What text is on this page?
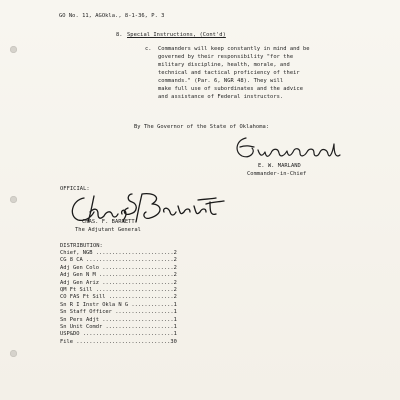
GO No. 11, AGOkla., 8-1-36, P. 3
8. Special Instructions, (Cont'd)
c. Commanders will keep constantly in mind and be
governed by their responsibility "for the
military discipline, health, morale, and
technical and tactical proficiency of their
commands." (Par. 6, NGR 48). They will
make full use of subordinates and the advice
and assistance of Federal instructors.
By The Governor of the State of Oklahoma:
E. W. MARLAND
Commander-in-Chief
OFFICIAL:
CHAS. F. BARRETT
The Adjutant General
DISTRIBUTION:
Chief, NGB ........................2
CG 8 CA ...........................2
Adj Gen Colo ......................2
Adj Gen N M .......................2
Adj Gen Ariz ......................2
QM Ft Sill ........................2
CO FAS Ft Sill ....................2
Sn R I Instr Okla N G .............1
Sn Staff Officer ..................1
Sn Pers Adjt ......................1
Sn Unit Comdr .....................1
USP&DO ............................1
File .............................30
